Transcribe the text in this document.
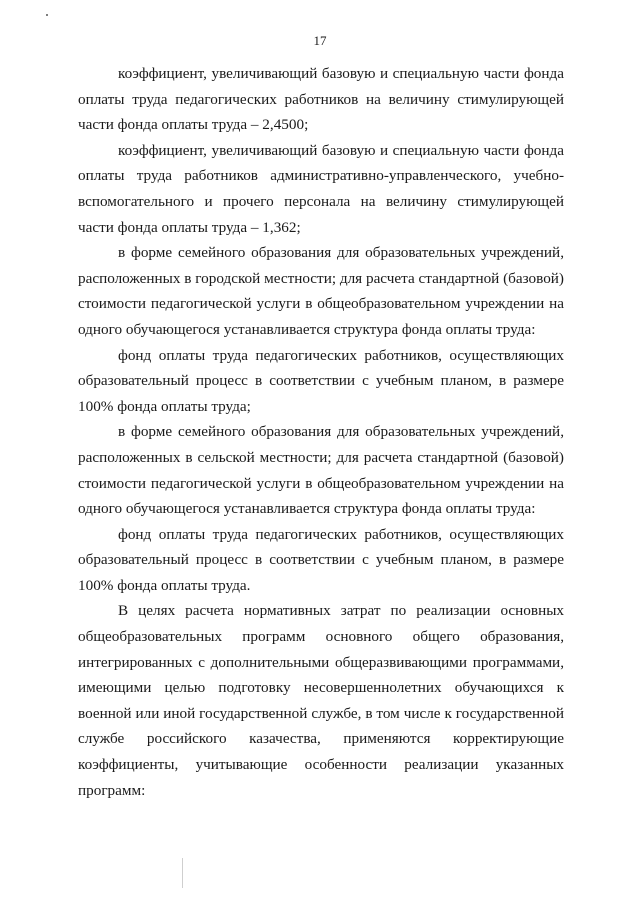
17

коэффициент, увеличивающий базовую и специальную части фонда оплаты труда педагогических работников на величину стимулирующей части фонда оплаты труда – 2,4500;

коэффициент, увеличивающий базовую и специальную части фонда оплаты труда работников административно-управленческого, учебно-вспомогательного и прочего персонала на величину стимулирующей части фонда оплаты труда – 1,362;

в форме семейного образования для образовательных учреждений, расположенных в городской местности; для расчета стандартной (базовой) стоимости педагогической услуги в общеобразовательном учреждении на одного обучающегося устанавливается структура фонда оплаты труда:

фонд оплаты труда педагогических работников, осуществляющих образовательный процесс в соответствии с учебным планом, в размере 100% фонда оплаты труда;

в форме семейного образования для образовательных учреждений, расположенных в сельской местности; для расчета стандартной (базовой) стоимости педагогической услуги в общеобразовательном учреждении на одного обучающегося устанавливается структура фонда оплаты труда:

фонд оплаты труда педагогических работников, осуществляющих образовательный процесс в соответствии с учебным планом, в размере 100% фонда оплаты труда.

В целях расчета нормативных затрат по реализации основных общеобразовательных программ основного общего образования, интегрированных с дополнительными общеразвивающими программами, имеющими целью подготовку несовершеннолетних обучающихся к военной или иной государственной службе, в том числе к государственной службе российского казачества, применяются корректирующие коэффициенты, учитывающие особенности реализации указанных программ:
